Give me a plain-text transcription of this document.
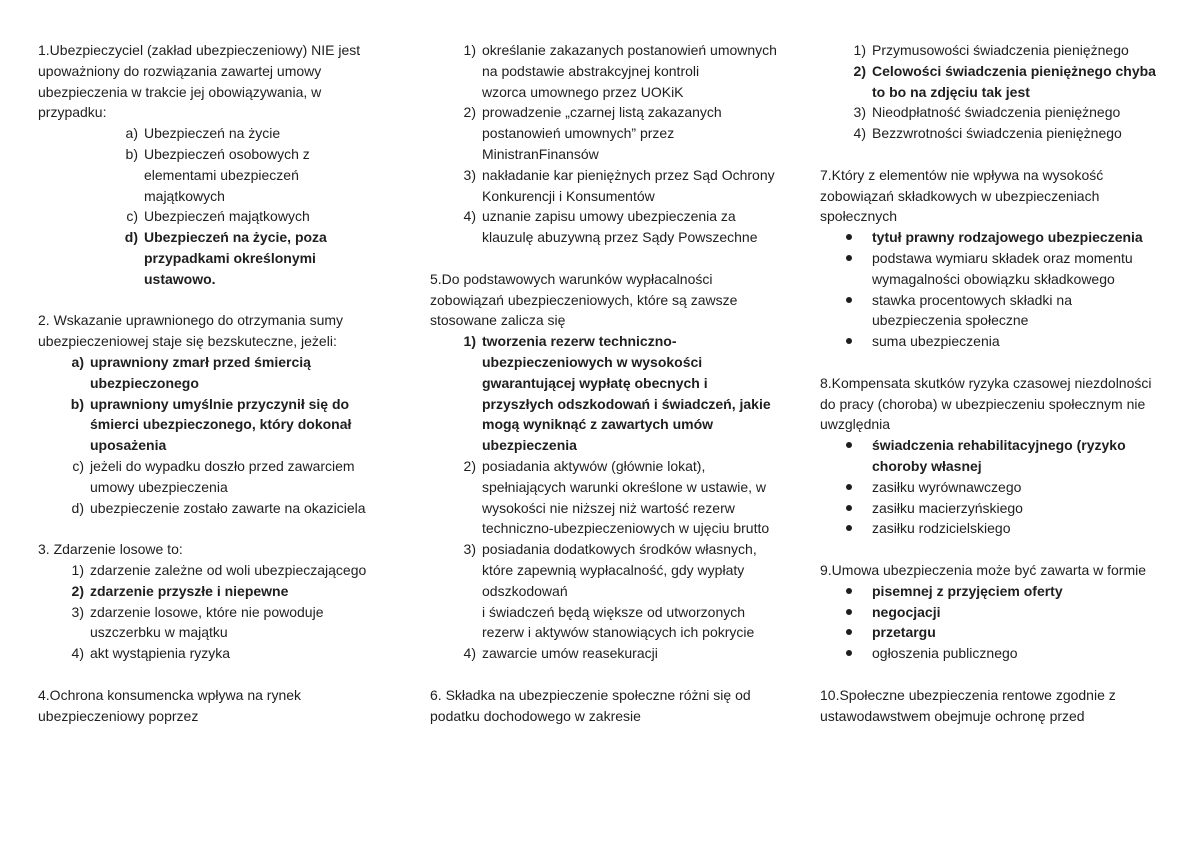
1.Ubezpieczyciel (zakład ubezpieczeniowy) NIE jest upoważniony do rozwiązania zawartej umowy ubezpieczenia w trakcie jej obowiązywania, w przypadku:

a) Ubezpieczeń na życie
b) Ubezpieczeń osobowych z elementami ubezpieczeń majątkowych
c) Ubezpieczeń majątkowych
d) Ubezpieczeń na życie, poza przypadkami określonymi ustawowo.

2. Wskazanie uprawnionego do otrzymania sumy ubezpieczeniowej staje się bezskuteczne, jeżeli:

a) uprawniony zmarł przed śmiercią ubezpieczonego
b) uprawniony umyślnie przyczynił się do śmierci ubezpieczonego, który dokonał uposażenia
c) jeżeli do wypadku doszło przed zawarciem umowy ubezpieczenia
d) ubezpieczenie zostało zawarte na okaziciela

3. Zdarzenie losowe to:

1) zdarzenie zależne od woli ubezpieczającego
2) zdarzenie przyszłe i niepewne
3) zdarzenie losowe, które nie powoduje uszczerbku w majątku
4) akt wystąpienia ryzyka

4.Ochrona konsumencka wpływa na rynek ubezpieczeniowy poprzez

1) określanie zakazanych postanowień umownych na podstawie abstrakcyjnej kontroli
wzorca umownego przez UOKiK
2) prowadzenie „czarnej listą zakazanych postanowień umownych” przez MinistranFinansów
3) nakładanie kar pieniężnych przez Sąd Ochrony Konkurencji i Konsumentów
4) uznanie zapisu umowy ubezpieczenia za klauzulę abuzywną przez Sądy Powszechne

5.Do podstawowych warunków wypłacalności zobowiązań ubezpieczeniowych, które są zawsze stosowane zalicza się

1) tworzenia rezerw techniczno-ubezpieczeniowych w wysokości gwarantującej wypłatę obecnych i przyszłych odszkodowań i świadczeń, jakie mogą wyniknąć z zawartych umów ubezpieczenia
2) posiadania aktywów (głównie lokat), spełniających warunki określone w ustawie, w wysokości nie niższej niż wartość rezerw techniczno-ubezpieczeniowych w ujęciu brutto
3) posiadania dodatkowych środków własnych, które zapewnią wypłacalność, gdy wypłaty odszkodowań
i świadczeń będą większe od utworzonych rezerw i aktywów stanowiących ich pokrycie
4) zawarcie umów reasekuracji

6. Składka na ubezpieczenie społeczne różni się od podatku dochodowego w zakresie

1) Przymusowości świadczenia pieniężnego
2) Celowości świadczenia pieniężnego chyba to bo na zdjęciu tak jest
3) Nieodpłatność świadczenia pieniężnego
4) Bezzwrotności świadczenia pieniężnego

7.Który z elementów nie wpływa na wysokość zobowiązań składkowych w ubezpieczeniach społecznych

tytuł prawny rodzajowego ubezpieczenia
podstawa wymiaru składek oraz momentu wymagalności obowiązku składkowego
stawka procentowych składki na ubezpieczenia społeczne
suma ubezpieczenia

8.Kompensata skutków ryzyka czasowej niezdolności do pracy (choroba) w ubezpieczeniu społecznym nie uwzględnia

świadczenia rehabilitacyjnego (ryzyko choroby własnej
zasiłku wyrównawczego
zasiłku macierzyńskiego
zasiłku rodzicielskiego

9.Umowa ubezpieczenia może być zawarta w formie

pisemnej z przyjęciem oferty
negocjacji
przetargu
ogłoszenia publicznego

10.Społeczne ubezpieczenia rentowe zgodnie z ustawodawstwem obejmuje ochronę przed
